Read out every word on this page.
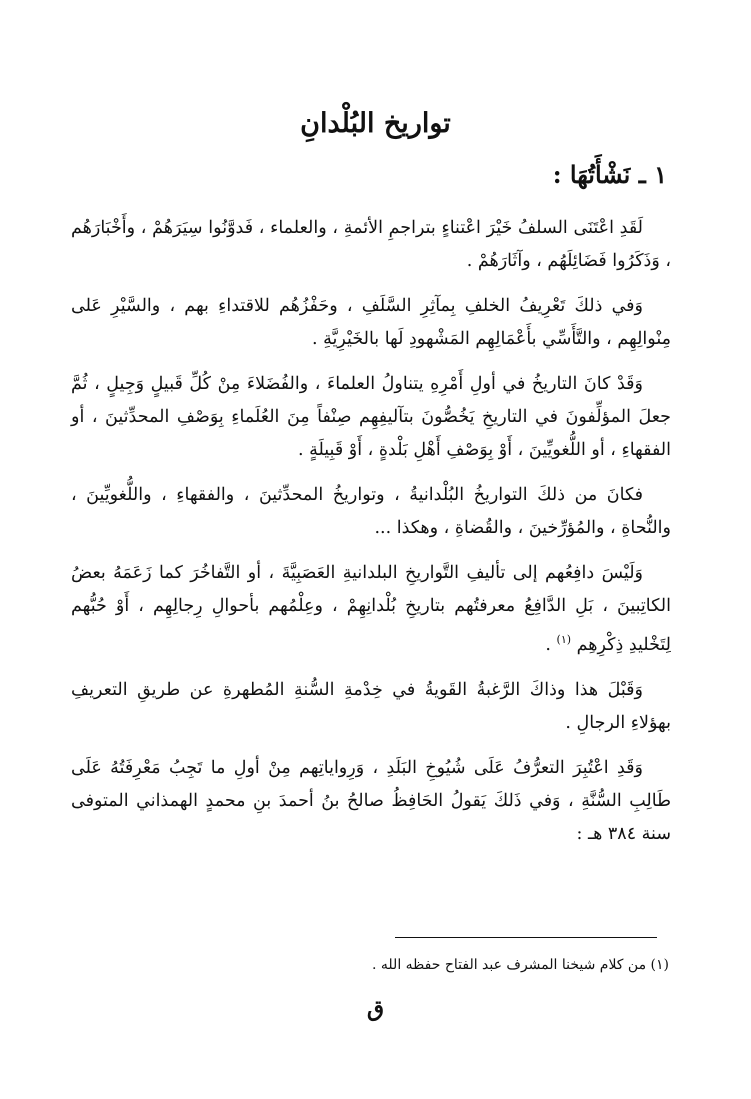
تواريخ البُلْدانِ
١ ـ نَشْأَتُهَا :

لَقَدِ اعْتَنَى السلفُ خَيْرَ اعْتناءٍ بتراجمِ الأئمةِ ، والعلماء ، فَدوَّنُوا سِيَرَهُمْ ، وأَخْبَارَهُم ، وَذَكَرُوا فَضَائِلَهُم ، وآثَارَهُمْ .

وَفي ذلكَ تَعْرِيفُ الخلفِ بِمآثِرِ السَّلَفِ ، وحَفْزُهُم للاقتداءِ بهم ، والسَّيْرِ عَلى مِنْوالِهِم ، والتَّأَسِّي بأَعْمَالِهِم المَشْهودِ لَها بالخَيْرِيَّةِ .

وَقَدْ كانَ التاريخُ في أولِ أَمْرِهِ يتناولُ العلماءَ ، والفُضَلاءَ مِنْ كُلِّ قَبيلٍ وَجِيلٍ ، ثُمَّ جعلَ المؤلِّفونَ في التاريخِ يَخُصُّونَ بتآليفِهِم صِنْفاً مِنَ العُلَماءِ بِوَصْفِ المحدِّثينَ ، أو الفقهاءِ ، أو اللُّغويِّينَ ، أَوْ بِوَصْفِ أَهْلِ بَلْدةٍ ، أَوْ قَبِيلَةٍ .

فكانَ من ذلكَ التواريخُ البُلْدانيةُ ، وتواريخُ المحدِّثينَ ، والفقهاءِ ، واللُّغويِّينَ ، والنُّحاةِ ، والمُؤرِّخينَ ، والقُضاةِ ، وهكذا ...

وَلَيْسَ دافِعُهم إلى تأليفِ التَّواريخِ البلدانيةِ العَصَبِيَّةَ ، أو التَّفاخُرَ كما زَعَمَهُ بعضُ الكاتِبينَ ، بَلِ الدَّافِعُ معرفتُهم بتاريخِ بُلْدانِهِمْ ، وعِلْمُهم بأحوالِ رِجالِهِم ، أَوْ حُبُّهم لِتَخْليدِ ذِكْرِهِم $^{(١)}$ .

وَقَبْلَ هذا وذاكَ الرَّغبةُ القَويةُ في خِدْمةِ السُّنةِ المُطهرةِ عن طريقِ التعريفِ بهؤلاءِ الرجالِ .

وَقَدِ اعْتُبِرَ التعرُّفُ عَلَى شُيُوخِ البَلَدِ ، وَرِواياتِهم مِنْ أولِ ما تَجِبُ مَعْرِفَتُهُ عَلَى طَالِبِ السُّنَّةِ ، وَفي ذَلكَ يَقولُ الحَافِظُ صالحُ بنُ أحمدَ بنِ محمدٍ الهمذاني المتوفى سنة ٣٨٤ هـ :

(١) من كلام شيخنا المشرف عبد الفتاح حفظه الله .
ق
